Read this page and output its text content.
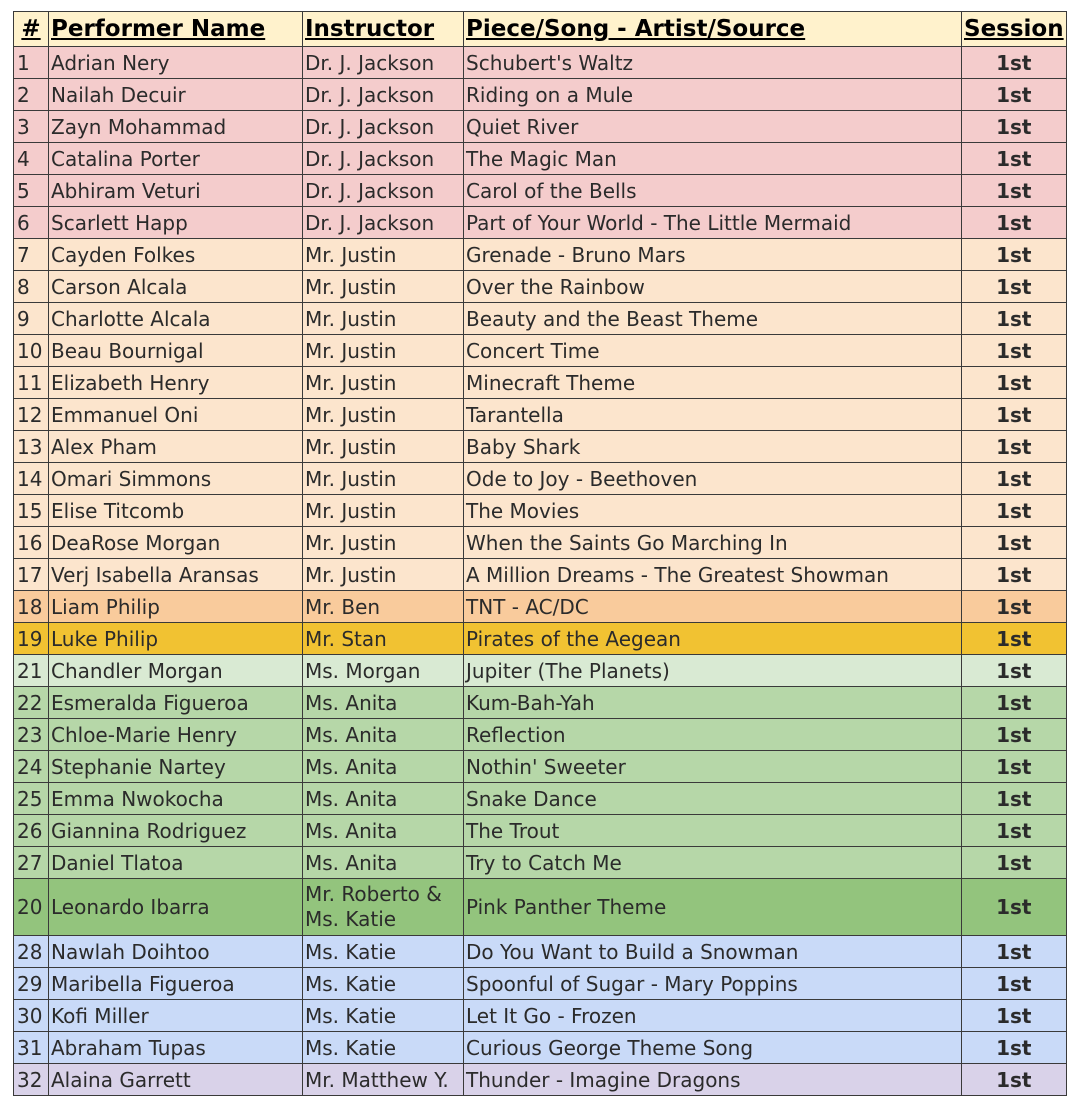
#	Performer Name	Instructor	Piece/Song - Artist/Source	Session
1	Adrian Nery	Dr. J. Jackson	Schubert's Waltz	1st
2	Nailah Decuir	Dr. J. Jackson	Riding on a Mule	1st
3	Zayn Mohammad	Dr. J. Jackson	Quiet River	1st
4	Catalina Porter	Dr. J. Jackson	The Magic Man	1st
5	Abhiram Veturi	Dr. J. Jackson	Carol of the Bells	1st
6	Scarlett Happ	Dr. J. Jackson	Part of Your World - The Little Mermaid	1st
7	Cayden Folkes	Mr. Justin	Grenade - Bruno Mars	1st
8	Carson Alcala	Mr. Justin	Over the Rainbow	1st
9	Charlotte Alcala	Mr. Justin	Beauty and the Beast Theme	1st
10	Beau Bournigal	Mr. Justin	Concert Time	1st
11	Elizabeth Henry	Mr. Justin	Minecraft Theme	1st
12	Emmanuel Oni	Mr. Justin	Tarantella	1st
13	Alex Pham	Mr. Justin	Baby Shark	1st
14	Omari Simmons	Mr. Justin	Ode to Joy - Beethoven	1st
15	Elise Titcomb	Mr. Justin	The Movies	1st
16	DeaRose Morgan	Mr. Justin	When the Saints Go Marching In	1st
17	Verj Isabella Aransas	Mr. Justin	A Million Dreams - The Greatest Showman	1st
18	Liam Philip	Mr. Ben	TNT - AC/DC	1st
19	Luke Philip	Mr. Stan	Pirates of the Aegean	1st
21	Chandler Morgan	Ms. Morgan	Jupiter (The Planets)	1st
22	Esmeralda Figueroa	Ms. Anita	Kum-Bah-Yah	1st
23	Chloe-Marie Henry	Ms. Anita	Reflection	1st
24	Stephanie Nartey	Ms. Anita	Nothin' Sweeter	1st
25	Emma Nwokocha	Ms. Anita	Snake Dance	1st
26	Giannina Rodriguez	Ms. Anita	The Trout	1st
27	Daniel Tlatoa	Ms. Anita	Try to Catch Me	1st
20	Leonardo Ibarra	Mr. Roberto & Ms. Katie	Pink Panther Theme	1st
28	Nawlah Doihtoo	Ms. Katie	Do You Want to Build a Snowman	1st
29	Maribella Figueroa	Ms. Katie	Spoonful of Sugar - Mary Poppins	1st
30	Kofi Miller	Ms. Katie	Let It Go - Frozen	1st
31	Abraham Tupas	Ms. Katie	Curious George Theme Song	1st
32	Alaina Garrett	Mr. Matthew Y.	Thunder - Imagine Dragons	1st
